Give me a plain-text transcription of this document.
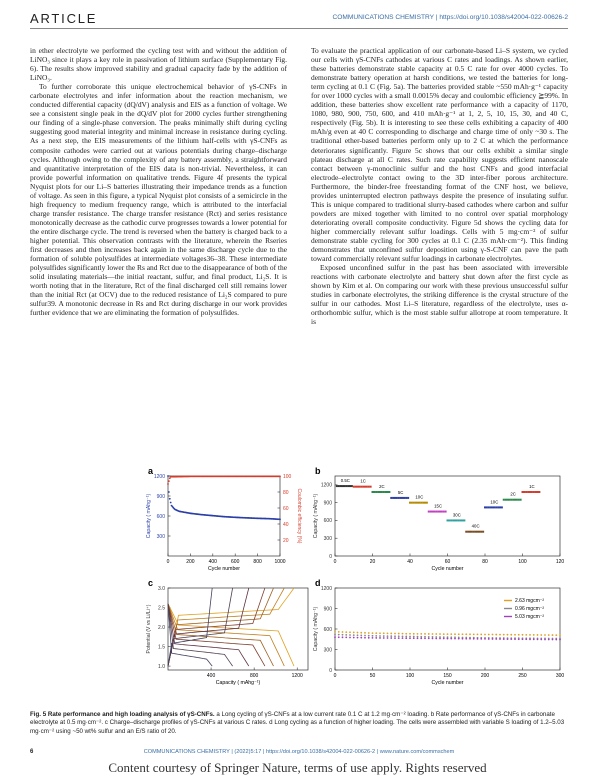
ARTICLE	COMMUNICATIONS CHEMISTRY | https://doi.org/10.1038/s42004-022-00626-2

in ether electrolyte we performed the cycling test with and without the addition of LiNO₃ since it plays a key role in passivation of lithium surface (Supplementary Fig. 6). The results show improved stability and gradual capacity fade by the addition of LiNO₃.

To further corroborate this unique electrochemical behavior of γS-CNFs in carbonate electrolytes and infer information about the reaction mechanism, we conducted differential capacity (dQ/dV) analysis and EIS as a function of voltage. We see a consistent single peak in the dQ/dV plot for 2000 cycles further strengthening our finding of a single-phase conversion. The peaks minimally shift during cycling suggesting good material integrity and minimal increase in resistance during cycling. As a next step, the EIS measurements of the lithium half-cells with γS-CNFs as composite cathodes were carried out at various potentials during charge–discharge cycles. Although owing to the complexity of any battery assembly, a straightforward and quantitative interpretation of the EIS data is non-trivial. Nevertheless, it can provide powerful information on qualitative trends. Figure 4f presents the typical Nyquist plots for our Li–S batteries illustrating their impedance trends as a function of voltage. As seen in this figure, a typical Nyquist plot consists of a semicircle in the high frequency to medium frequency range, which is attributed to the interfacial charge transfer resistance. The charge transfer resistance (Rct) and series resistance monotonically decrease as the cathodic curve progresses towards a lower potential for the entire discharge cycle. The trend is reversed when the battery is charged back to a higher potential. This observation contrasts with the literature, wherein the Rseries first decreases and then increases back again in the same discharge cycle due to the formation of soluble polysulfides at intermediate voltages36–38. These intermediate polysulfides significantly lower the Rs and Rct due to the disappearance of both of the solid insulating materials—the initial reactant, sulfur, and final product, Li₂S. It is worth noting that in the literature, Rct of the final discharged cell still remains lower than the initial Rct (at OCV) due to the reduced resistance of Li₂S compared to pure sulfur39. A monotonic decrease in Rs and Rct during discharge in our work provides further evidence that we are eliminating the formation of polysulfides.

To evaluate the practical application of our carbonate-based Li–S system, we cycled our cells with γS-CNFs cathodes at various C rates and loadings. As shown earlier, these batteries demonstrate stable capacity at 0.5 C rate for over 4000 cycles. To demonstrate battery operation at harsh conditions, we tested the batteries for long-term cycling at 0.1 C (Fig. 5a). The batteries provided stable ~550 mAh·g⁻¹ capacity for over 1000 cycles with a small 0.0015% decay and coulombic efficiency ≧99%. In addition, these batteries show excellent rate performance with a capacity of 1170, 1080, 980, 900, 750, 600, and 410 mAh·g⁻¹ at 1, 2, 5, 10, 15, 30, and 40 C, respectively (Fig. 5b). It is interesting to see these cells exhibiting a capacity of 400 mAh/g even at 40 C corresponding to discharge and charge time of only ~30 s. The traditional ether-based batteries perform only up to 2 C at which the performance deteriorates significantly. Figure 5c shows that our cells exhibit a similar single plateau discharge at all C rates. Such rate capability suggests efficient nanoscale contact between γ-monoclinic sulfur and the host CNFs and good interfacial electrode–electrolyte contact owing to the 3D inter-fiber porous architecture. Furthermore, the binder-free freestanding format of the CNF host, we believe, provides uninterrupted electron pathways despite the presence of insulating sulfur. This is unique compared to traditional slurry-based cathodes where carbon and sulfur powders are mixed together with limited to no control over spatial morphology deteriorating overall composite conductivity. Figure 5d shows the cycling data for higher commercially relevant sulfur loadings. Cells with 5 mg·cm⁻² of sulfur demonstrate stable cycling for 300 cycles at 0.1 C (2.35 mAh·cm⁻²). This finding demonstrates that unconfined sulfur deposition using γ-S-CNF can pave the path toward commercially relevant sulfur loadings in carbonate electrolytes.

Exposed unconfined sulfur in the past has been associated with irreversible reactions with carbonate electrolyte and battery shut down after the first cycle as shown by Kim et al. On comparing our work with these previous unsuccessful sulfur studies in carbonate electrolytes, the striking difference is the crystal structure of the sulfur in our cathodes. Most Li–S literature, regardless of the electrolyte, uses α-orthorhombic sulfur, which is the most stable sulfur allotrope at room temperature. It is

a
0	200	400	600	800	1000
300
600
900
1200
Cycle number
Capacity ( mAhg⁻¹)
20
40
60
80
100
Coulombic efficiency (%)
b
0	20	40	60	80	100	120
0
300
600
900
1200
Cycle number
Capacity ( mAhg⁻¹)
0.5C 1C
2C
5C
10C
15C
30C
40C
10C
2C
1C
c
400	800	1200
1.0
1.5
2.0
2.5
3.0
Capacity ( mAhg⁻¹)
Potential (V vs Li/Li⁺)
d
0	50	100	150	200	250	300
0
300
600
900
1200
Cycle number
Capacity ( mAhg⁻¹)
2.63 mgcm⁻²
0.96 mgcm⁻²
5.03 mgcm⁻²
Fig. 5 Rate performance and high loading analysis of γS-CNFs. a Long cycling of γS-CNFs at a low current rate 0.1 C at 1.2 mg·cm⁻² loading. b Rate performance of γS-CNFs in carbonate electrolyte at 0.5 mg·cm⁻². c Charge–discharge profiles of γS-CNFs at various C rates. d Long cycling as a function of higher loading. The cells were assembled with variable S loading of 1.2–5.03 mg·cm⁻² using ~50 wt% sulfur and an E/S ratio of 20.
6	COMMUNICATIONS CHEMISTRY | (2022)5:17 | https://doi.org/10.1038/s42004-022-00626-2 | www.nature.com/commschem
Content courtesy of Springer Nature, terms of use apply. Rights reserved
